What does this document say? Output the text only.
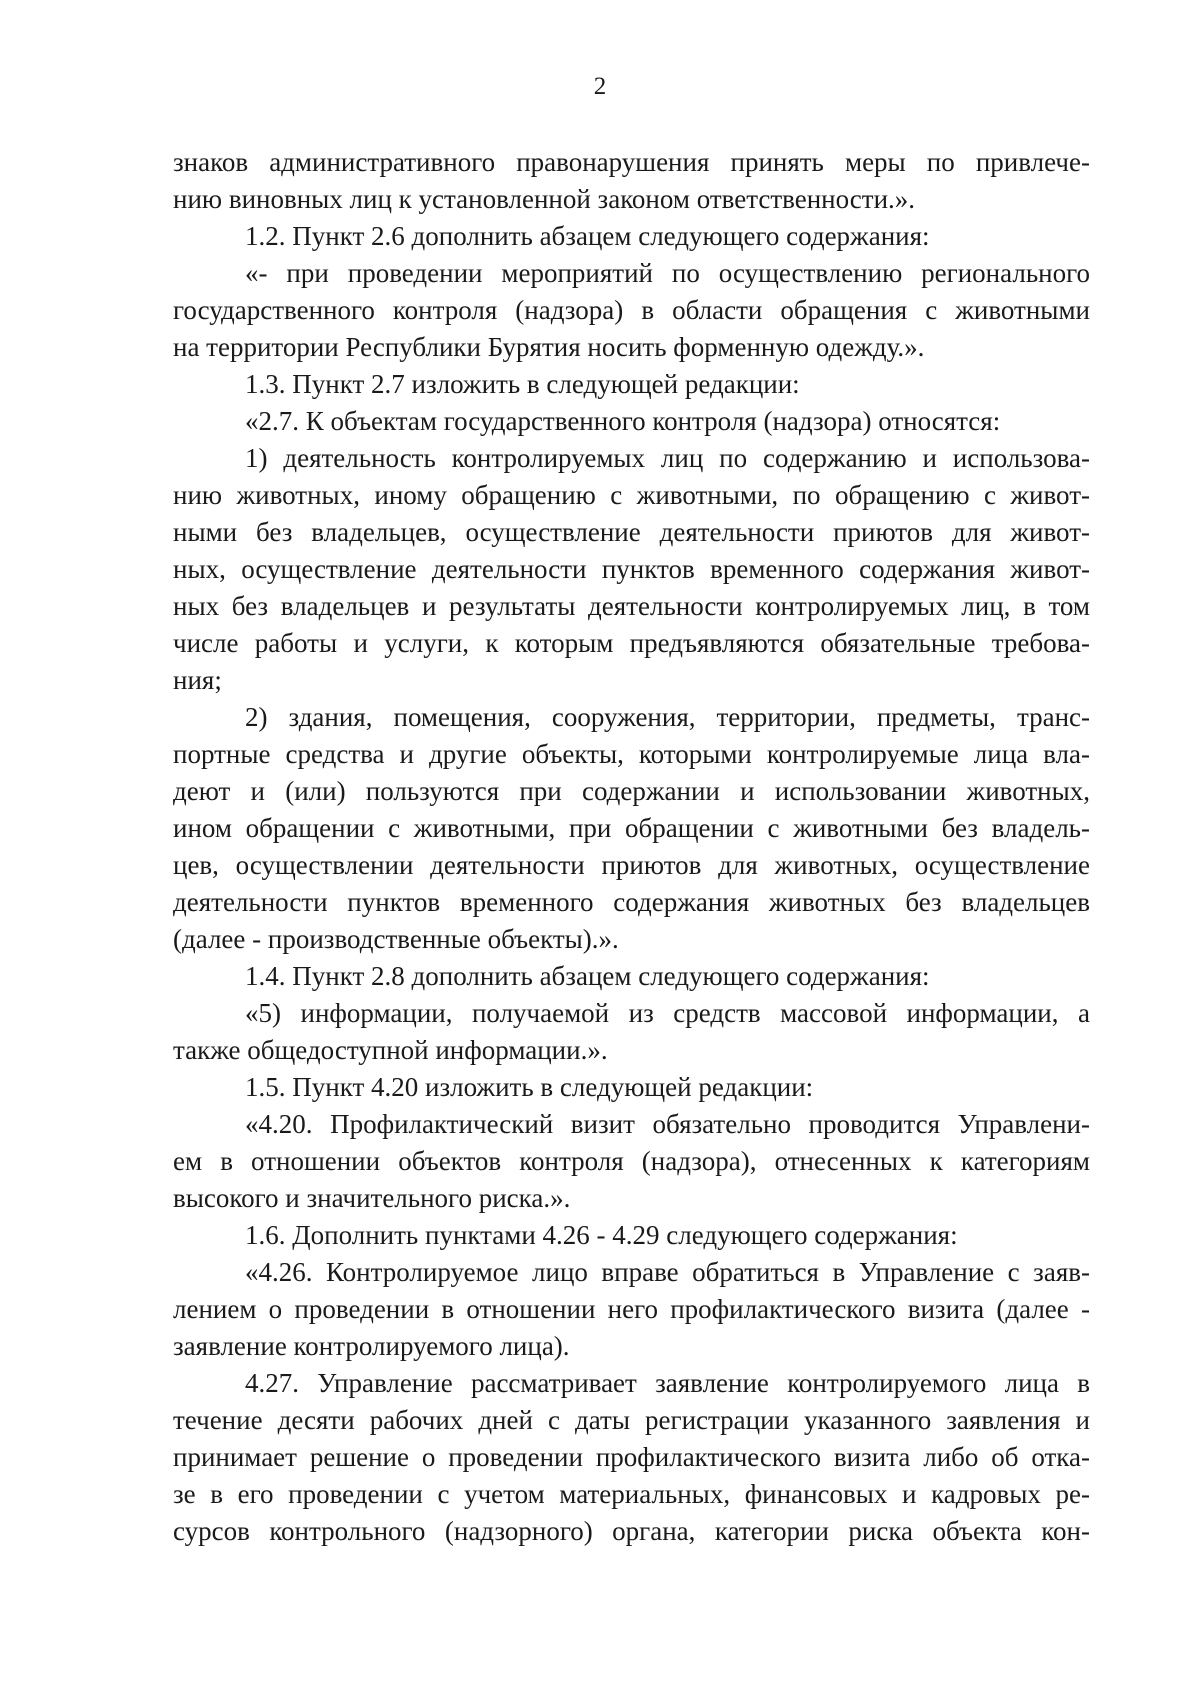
2
знаков административного правонарушения принять меры по привлече-
нию виновных лиц к установленной законом ответственности.».
1.2. Пункт 2.6 дополнить абзацем следующего содержания:
«- при проведении мероприятий по осуществлению регионального
государственного контроля (надзора) в области обращения с животными
на территории Республики Бурятия носить форменную одежду.».
1.3. Пункт 2.7 изложить в следующей редакции:
«2.7. К объектам государственного контроля (надзора) относятся:
1) деятельность контролируемых лиц по содержанию и использова-
нию животных, иному обращению с животными, по обращению с живот-
ными без владельцев, осуществление деятельности приютов для живот-
ных, осуществление деятельности пунктов временного содержания живот-
ных без владельцев и результаты деятельности контролируемых лиц, в том
числе работы и услуги, к которым предъявляются обязательные требова-
ния;
2) здания, помещения, сооружения, территории, предметы, транс-
портные средства и другие объекты, которыми контролируемые лица вла-
деют и (или) пользуются при содержании и использовании животных,
ином обращении с животными, при обращении с животными без владель-
цев, осуществлении деятельности приютов для животных, осуществление
деятельности пунктов временного содержания животных без владельцев
(далее - производственные объекты).».
1.4. Пункт 2.8 дополнить абзацем следующего содержания:
«5) информации, получаемой из средств массовой информации, а
также общедоступной информации.».
1.5. Пункт 4.20 изложить в следующей редакции:
«4.20. Профилактический визит обязательно проводится Управлени-
ем в отношении объектов контроля (надзора), отнесенных к категориям
высокого и значительного риска.».
1.6. Дополнить пунктами 4.26 - 4.29 следующего содержания:
«4.26. Контролируемое лицо вправе обратиться в Управление с заяв-
лением о проведении в отношении него профилактического визита (далее -
заявление контролируемого лица).
4.27. Управление рассматривает заявление контролируемого лица в
течение десяти рабочих дней с даты регистрации указанного заявления и
принимает решение о проведении профилактического визита либо об отка-
зе в его проведении с учетом материальных, финансовых и кадровых ре-
сурсов контрольного (надзорного) органа, категории риска объекта кон-
